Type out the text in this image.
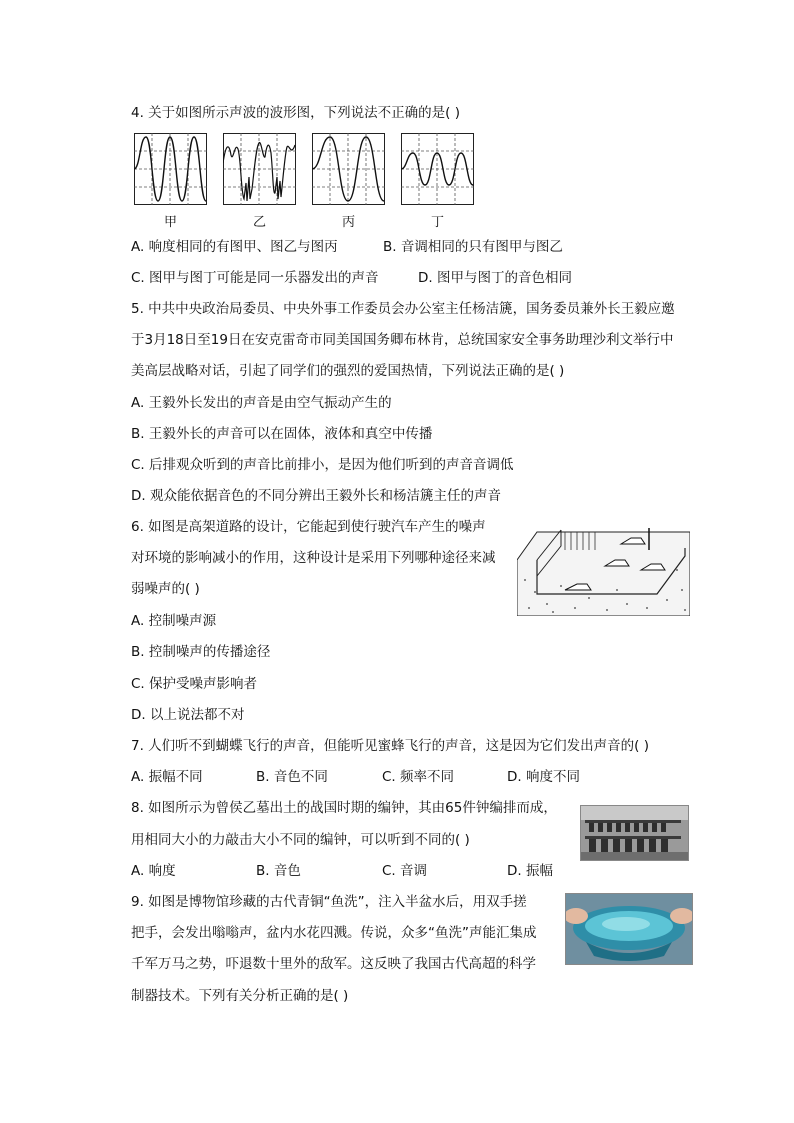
4. 关于如图所示声波的波形图，下列说法不正确的是( )
甲	乙	丙	丁
A. 响度相同的有图甲、图乙与图丙	B. 音调相同的只有图甲与图乙
C. 图甲与图丁可能是同一乐器发出的声音	D. 图甲与图丁的音色相同
5. 中共中央政治局委员、中央外事工作委员会办公室主任杨洁篪，国务委员兼外长王毅应邀
于3月18日至19日在安克雷奇市同美国国务卿布林肯，总统国家安全事务助理沙利文举行中
美高层战略对话，引起了同学们的强烈的爱国热情，下列说法正确的是( )
A. 王毅外长发出的声音是由空气振动产生的
B. 王毅外长的声音可以在固体，液体和真空中传播
C. 后排观众听到的声音比前排小，是因为他们听到的声音音调低
D. 观众能依据音色的不同分辨出王毅外长和杨洁篪主任的声音
6. 如图是高架道路的设计，它能起到使行驶汽车产生的噪声
对环境的影响减小的作用，这种设计是采用下列哪种途径来减
弱噪声的( )
A. 控制噪声源
B. 控制噪声的传播途径
C. 保护受噪声影响者
D. 以上说法都不对
7. 人们听不到蝴蝶飞行的声音，但能听见蜜蜂飞行的声音，这是因为它们发出声音的( )
A. 振幅不同	B. 音色不同	C. 频率不同	D. 响度不同
8. 如图所示为曾侯乙墓出土的战国时期的编钟，其由65件钟编排而成，
用相同大小的力敲击大小不同的编钟，可以听到不同的( )
A. 响度	B. 音色	C. 音调	D. 振幅
9. 如图是博物馆珍藏的古代青铜“鱼洗”，注入半盆水后，用双手搓
把手，会发出嗡嗡声，盆内水花四溅。传说，众多“鱼洗”声能汇集成
千军万马之势，吓退数十里外的敌军。这反映了我国古代高超的科学
制器技术。下列有关分析正确的是( )
